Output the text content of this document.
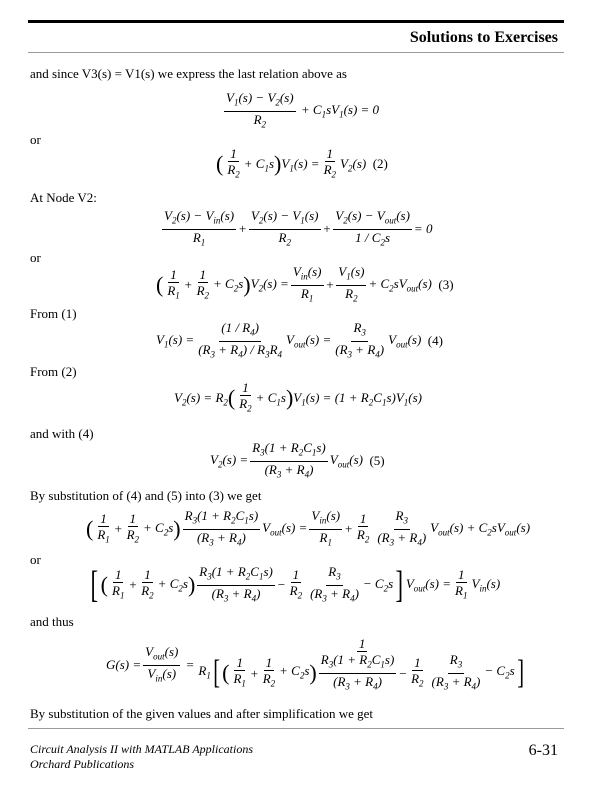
Solutions to Exercises
and since V3(s) = V1(s) we express the last relation above as
$\frac{V_1(s) - V_2(s)}{R_2} + C_1sV_1(s) = 0$
or
( $\frac{1}{R_2} + C_1s$ ) $V_1(s) = \frac{1}{R_2} V_2(s)$ (2)
At Node V2:
$\frac{V_2(s) - V_{in}(s)}{R_1} + \frac{V_2(s) - V_1(s)}{R_2} + \frac{V_2(s) - V_{out}(s)}{1 / C_2s} = 0$
or
( $\frac{1}{R_1} + \frac{1}{R_2} + C_2s$ ) $V_2(s) = \frac{V_{in}(s)}{R_1} + \frac{V_1(s)}{R_2} + C_2sV_{out}(s)$ (3)
From (1)
$V_1(s) = \frac{(1 / R_4)}{(R_3 + R_4) / R_3R_4} V_{out}(s) = \frac{R_3}{(R_3 + R_4)} V_{out}(s)$ (4)
From (2)
$V_2(s) = R_2$ ( $\frac{1}{R_2} + C_1s$ ) $V_1(s) = (1 + R_2C_1s)V_1(s)$
and with (4)
$V_2(s) = \frac{R_3(1 + R_2C_1s)}{(R_3 + R_4)} V_{out}(s)$ (5)
By substitution of (4) and (5) into (3) we get
( $\frac{1}{R_1} + \frac{1}{R_2} + C_2s$ ) $\frac{R_3(1 + R_2C_1s)}{(R_3 + R_4)} V_{out}(s) = \frac{V_{in}(s)}{R_1} + \frac{1}{R_2} \frac{R_3}{(R_3 + R_4)} V_{out}(s) + C_2sV_{out}(s)$
or
[ ( $\frac{1}{R_1} + \frac{1}{R_2} + C_2s$ ) $\frac{R_3(1 + R_2C_1s)}{(R_3 + R_4)} - \frac{1}{R_2} \frac{R_3}{(R_3 + R_4)} - C_2s$ ] $V_{out}(s) = \frac{1}{R_1} V_{in}(s)$
and thus
$G(s) = \frac{V_{out}(s)}{V_{in}(s)}$ =
1
$R_1$ [ ( $\frac{1}{R_1} + \frac{1}{R_2} + C_2s$ ) $\frac{R_3(1 + R_2C_1s)}{(R_3 + R_4)} - \frac{1}{R_2} \frac{R_3}{(R_3 + R_4)} - C_2s$ ]
By substitution of the given values and after simplification we get
Circuit Analysis II with MATLAB Applications
Orchard Publications
6-31
